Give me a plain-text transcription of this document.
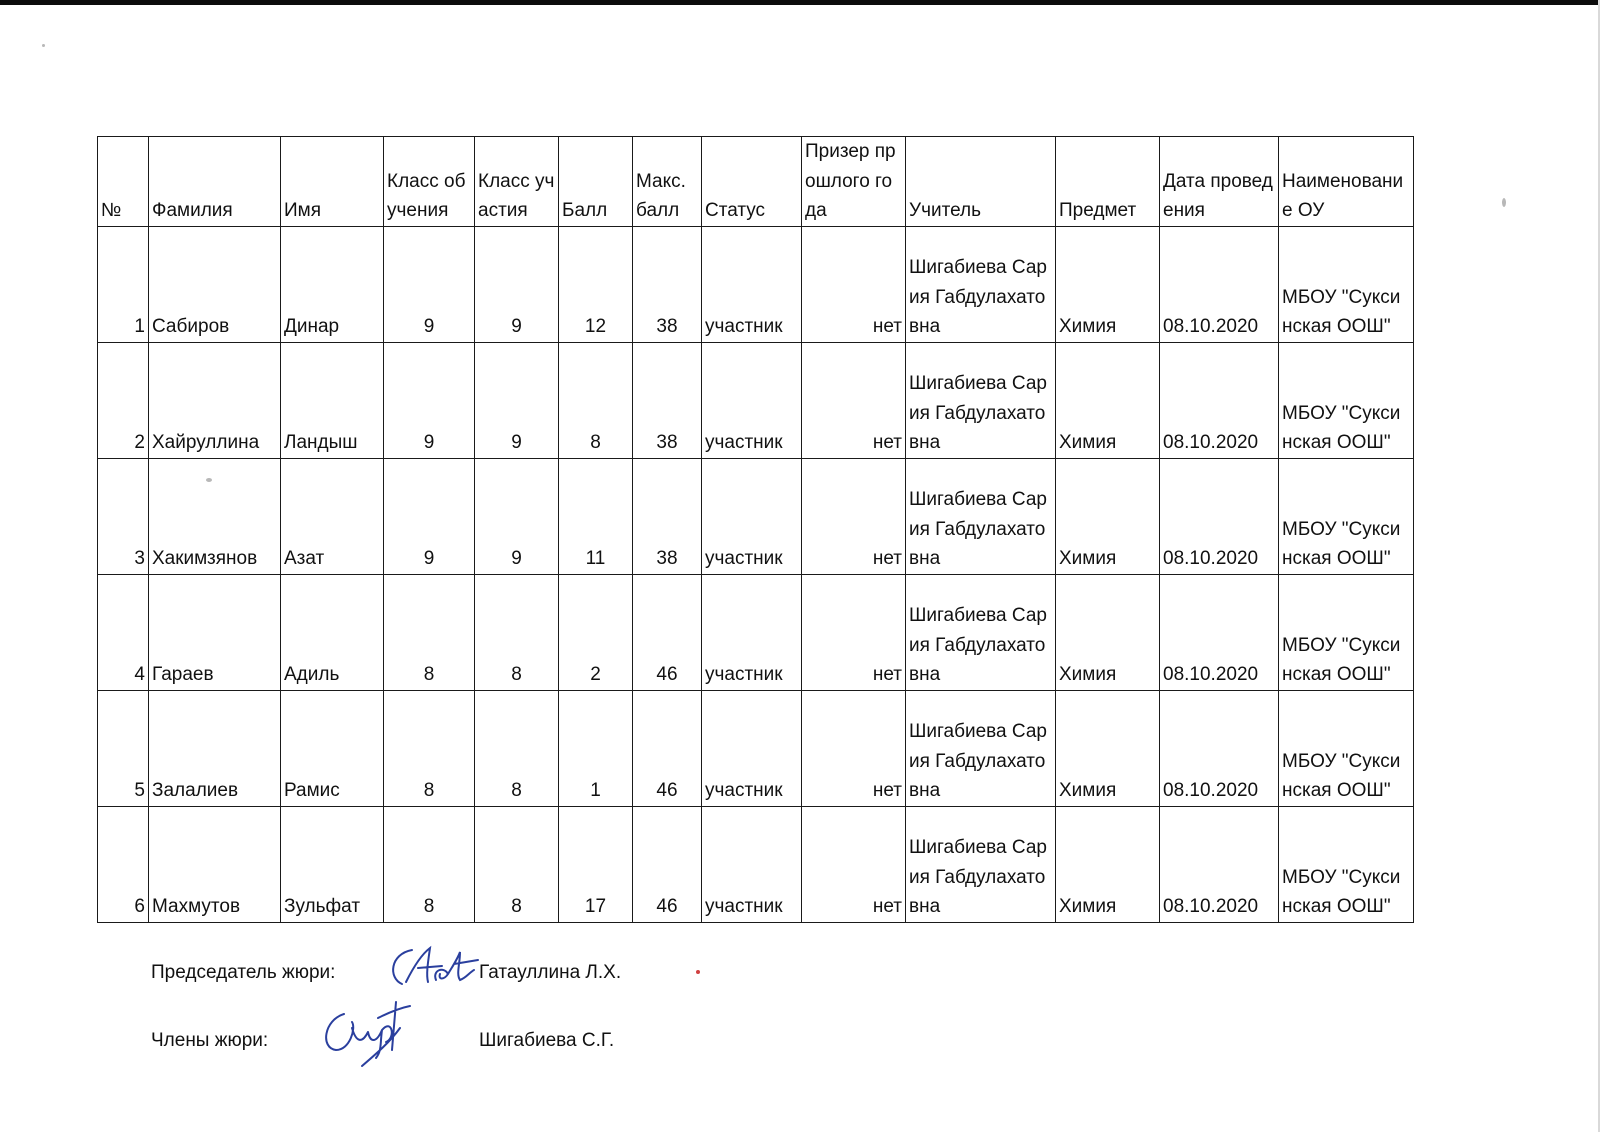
№	Фамилия	Имя	Класс обучения	Класс участия	Балл	Макс. балл	Статус	Призер прошлого года	Учитель	Предмет	Дата проведения	Наименование ОУ
1	Сабиров	Динар	9	9	12	38	участник	нет	Шигабиева Сария Габдулахатовна	Химия	08.10.2020	МБОУ "Суксинская ООШ"
2	Хайруллина	Ландыш	9	9	8	38	участник	нет	Шигабиева Сария Габдулахатовна	Химия	08.10.2020	МБОУ "Суксинская ООШ"
3	Хакимзянов	Азат	9	9	11	38	участник	нет	Шигабиева Сария Габдулахатовна	Химия	08.10.2020	МБОУ "Суксинская ООШ"
4	Гараев	Адиль	8	8	2	46	участник	нет	Шигабиева Сария Габдулахатовна	Химия	08.10.2020	МБОУ "Суксинская ООШ"
5	Залалиев	Рамис	8	8	1	46	участник	нет	Шигабиева Сария Габдулахатовна	Химия	08.10.2020	МБОУ "Суксинская ООШ"
6	Махмутов	Зульфат	8	8	17	46	участник	нет	Шигабиева Сария Габдулахатовна	Химия	08.10.2020	МБОУ "Суксинская ООШ"
Председатель жюри:	Гатауллина Л.Х.
Члены жюри:	Шигабиева С.Г.
